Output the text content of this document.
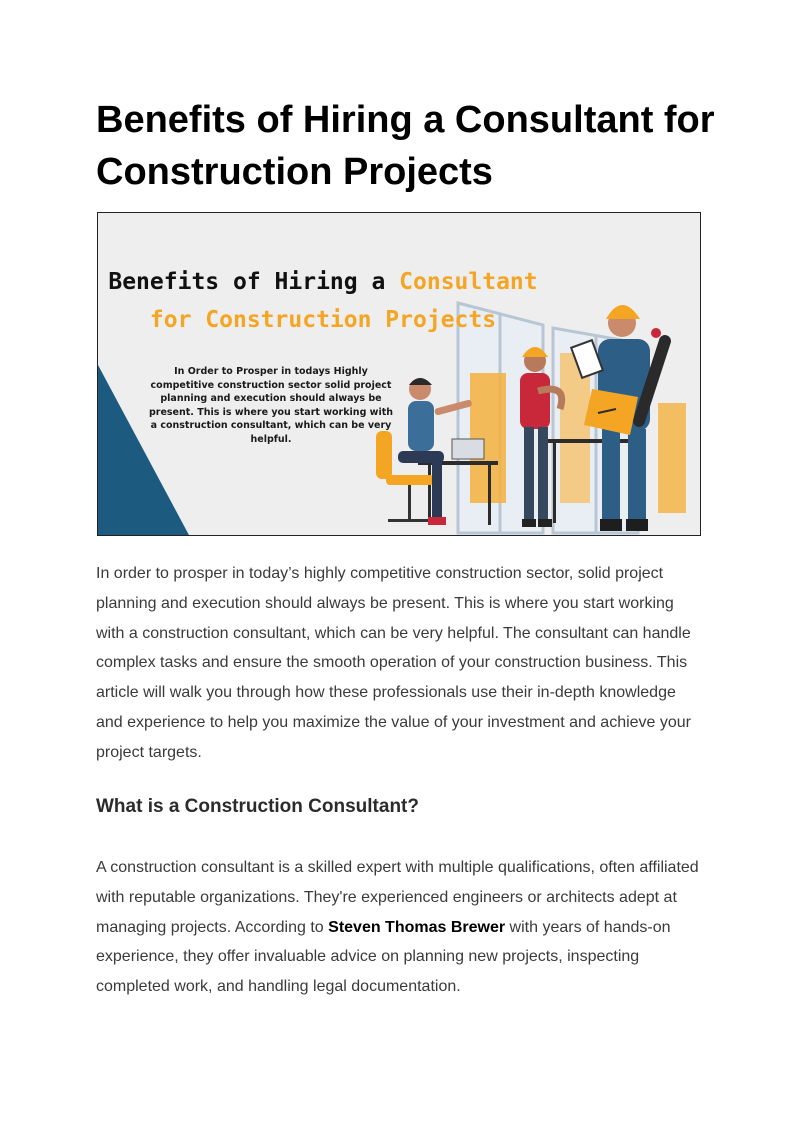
Benefits of Hiring a Consultant for Construction Projects
Benefits of Hiring a Consultant for Construction Projects
In Order to Prosper in todays Highly competitive construction sector solid project planning and execution should always be present. This is where you start working with a construction consultant, which can be very helpful.

In order to prosper in today’s highly competitive construction sector, solid project planning and execution should always be present. This is where you start working with a construction consultant, which can be very helpful. The consultant can handle complex tasks and ensure the smooth operation of your construction business. This article will walk you through how these professionals use their in-depth knowledge and experience to help you maximize the value of your investment and achieve your project targets.

What is a Construction Consultant?

A construction consultant is a skilled expert with multiple qualifications, often affiliated with reputable organizations. They're experienced engineers or architects adept at managing projects. According to Steven Thomas Brewer with years of hands-on experience, they offer invaluable advice on planning new projects, inspecting completed work, and handling legal documentation.
